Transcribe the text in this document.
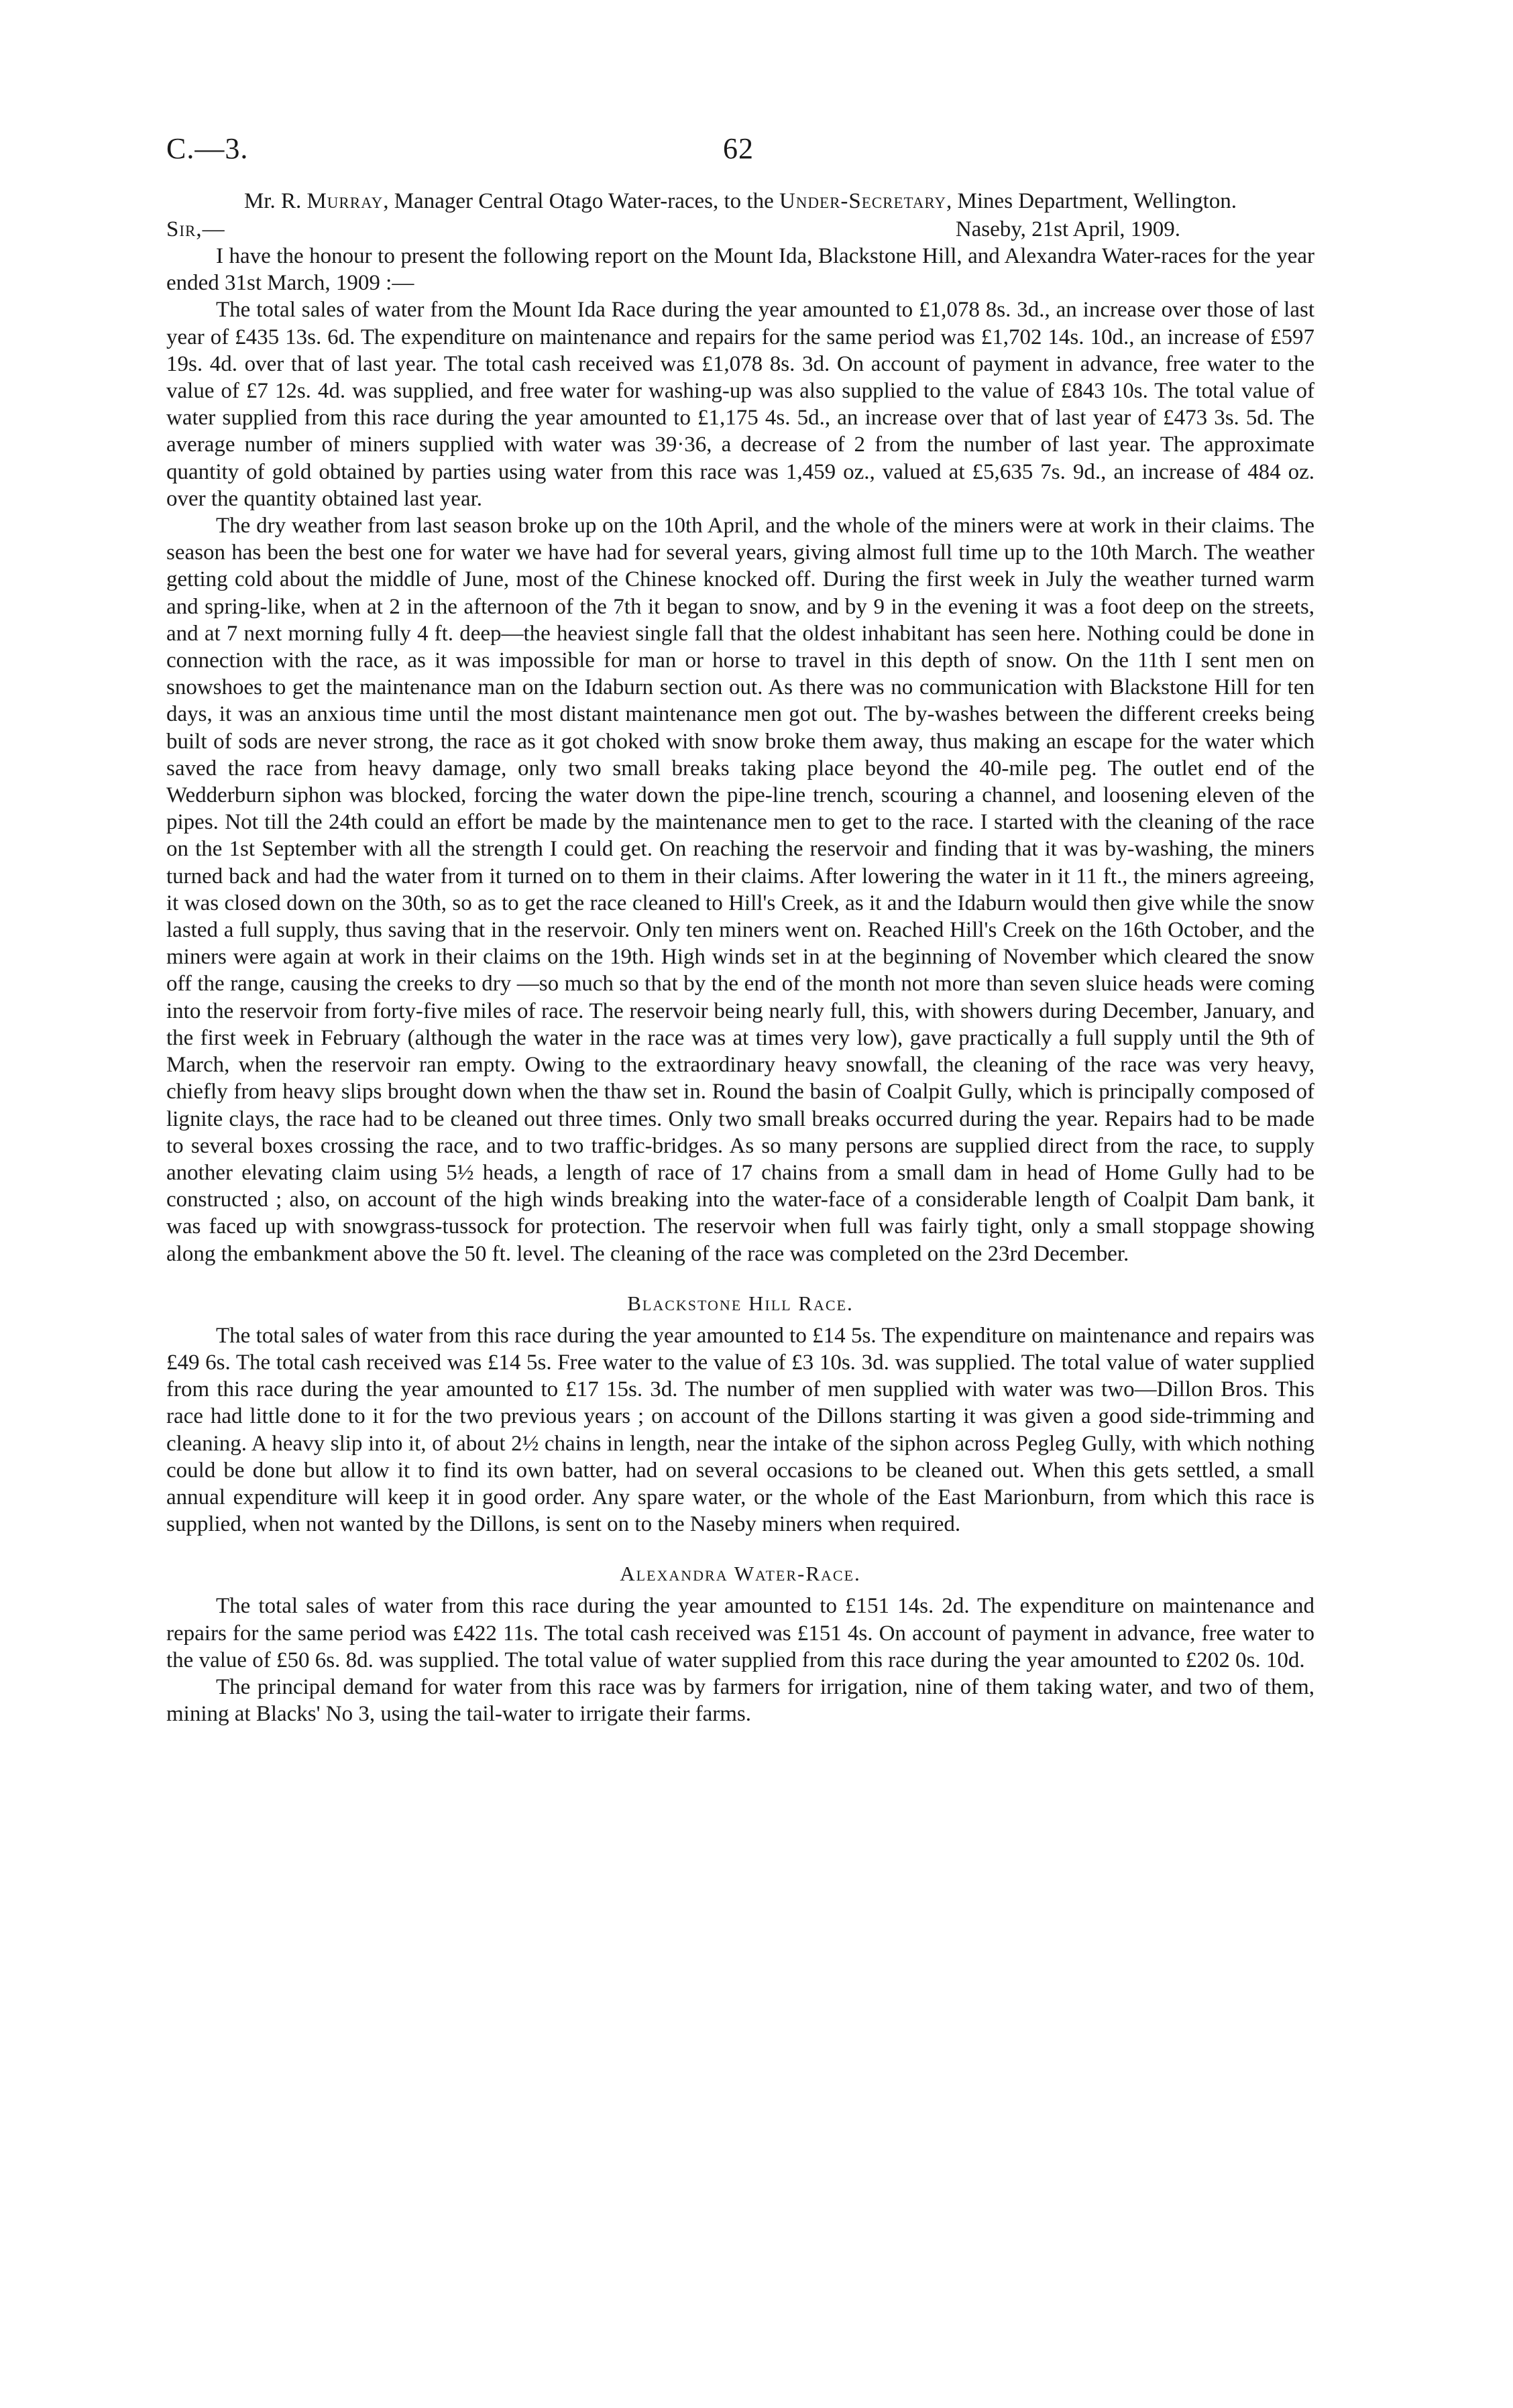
C.—3.	62
Mr. R. Murray, Manager Central Otago Water-races, to the Under-Secretary, Mines Department, Wellington.
Sir,—	Naseby, 21st April, 1909.

I have the honour to present the following report on the Mount Ida, Blackstone Hill, and Alexandra Water-races for the year ended 31st March, 1909 :—

The total sales of water from the Mount Ida Race during the year amounted to £1,078 8s. 3d., an increase over those of last year of £435 13s. 6d. The expenditure on maintenance and repairs for the same period was £1,702 14s. 10d., an increase of £597 19s. 4d. over that of last year. The total cash received was £1,078 8s. 3d. On account of payment in advance, free water to the value of £7 12s. 4d. was supplied, and free water for washing-up was also supplied to the value of £843 10s. The total value of water supplied from this race during the year amounted to £1,175 4s. 5d., an increase over that of last year of £473 3s. 5d. The average number of miners supplied with water was 39·36, a decrease of 2 from the number of last year. The approximate quantity of gold obtained by parties using water from this race was 1,459 oz., valued at £5,635 7s. 9d., an increase of 484 oz. over the quantity obtained last year.

The dry weather from last season broke up on the 10th April, and the whole of the miners were at work in their claims. The season has been the best one for water we have had for several years, giving almost full time up to the 10th March. The weather getting cold about the middle of June, most of the Chinese knocked off. During the first week in July the weather turned warm and spring-like, when at 2 in the afternoon of the 7th it began to snow, and by 9 in the evening it was a foot deep on the streets, and at 7 next morning fully 4 ft. deep—the heaviest single fall that the oldest inhabitant has seen here. Nothing could be done in connection with the race, as it was impossible for man or horse to travel in this depth of snow. On the 11th I sent men on snowshoes to get the maintenance man on the Idaburn section out. As there was no communication with Blackstone Hill for ten days, it was an anxious time until the most distant maintenance men got out. The by-washes between the different creeks being built of sods are never strong, the race as it got choked with snow broke them away, thus making an escape for the water which saved the race from heavy damage, only two small breaks taking place beyond the 40-mile peg. The outlet end of the Wedderburn siphon was blocked, forcing the water down the pipe-line trench, scouring a channel, and loosening eleven of the pipes. Not till the 24th could an effort be made by the maintenance men to get to the race. I started with the cleaning of the race on the 1st September with all the strength I could get. On reaching the reservoir and finding that it was by-washing, the miners turned back and had the water from it turned on to them in their claims. After lowering the water in it 11 ft., the miners agreeing, it was closed down on the 30th, so as to get the race cleaned to Hill's Creek, as it and the Idaburn would then give while the snow lasted a full supply, thus saving that in the reservoir. Only ten miners went on. Reached Hill's Creek on the 16th October, and the miners were again at work in their claims on the 19th. High winds set in at the beginning of November which cleared the snow off the range, causing the creeks to dry —so much so that by the end of the month not more than seven sluice heads were coming into the reservoir from forty-five miles of race. The reservoir being nearly full, this, with showers during December, January, and the first week in February (although the water in the race was at times very low), gave practically a full supply until the 9th of March, when the reservoir ran empty. Owing to the extraordinary heavy snowfall, the cleaning of the race was very heavy, chiefly from heavy slips brought down when the thaw set in. Round the basin of Coalpit Gully, which is principally composed of lignite clays, the race had to be cleaned out three times. Only two small breaks occurred during the year. Repairs had to be made to several boxes crossing the race, and to two traffic-bridges. As so many persons are supplied direct from the race, to supply another elevating claim using 5½ heads, a length of race of 17 chains from a small dam in head of Home Gully had to be constructed ; also, on account of the high winds breaking into the water-face of a considerable length of Coalpit Dam bank, it was faced up with snowgrass-tussock for protection. The reservoir when full was fairly tight, only a small stoppage showing along the embankment above the 50 ft. level. The cleaning of the race was completed on the 23rd December.

Blackstone Hill Race.

The total sales of water from this race during the year amounted to £14 5s. The expenditure on maintenance and repairs was £49 6s. The total cash received was £14 5s. Free water to the value of £3 10s. 3d. was supplied. The total value of water supplied from this race during the year amounted to £17 15s. 3d. The number of men supplied with water was two—Dillon Bros. This race had little done to it for the two previous years ; on account of the Dillons starting it was given a good side-trimming and cleaning. A heavy slip into it, of about 2½ chains in length, near the intake of the siphon across Pegleg Gully, with which nothing could be done but allow it to find its own batter, had on several occasions to be cleaned out. When this gets settled, a small annual expenditure will keep it in good order. Any spare water, or the whole of the East Marionburn, from which this race is supplied, when not wanted by the Dillons, is sent on to the Naseby miners when required.

Alexandra Water-Race.

The total sales of water from this race during the year amounted to £151 14s. 2d. The expenditure on maintenance and repairs for the same period was £422 11s. The total cash received was £151 4s. On account of payment in advance, free water to the value of £50 6s. 8d. was supplied. The total value of water supplied from this race during the year amounted to £202 0s. 10d.

The principal demand for water from this race was by farmers for irrigation, nine of them taking water, and two of them, mining at Blacks' No 3, using the tail-water to irrigate their farms.
